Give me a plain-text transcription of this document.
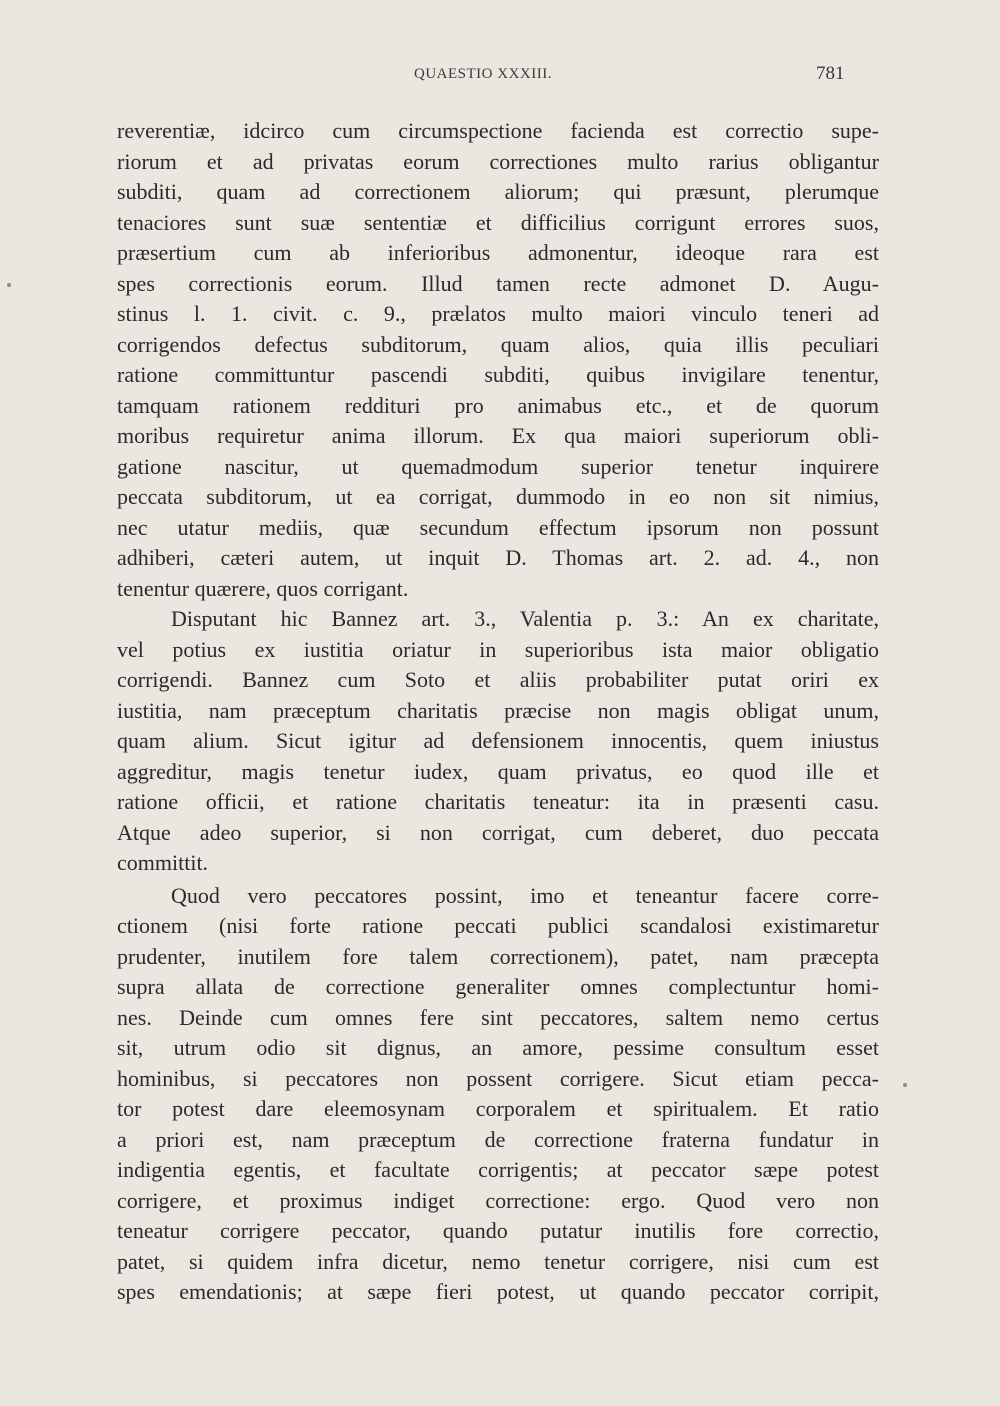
QUAESTIO XXXIII.	781
reverentiæ, idcirco cum circumspectione facienda est correctio supe-
riorum et ad privatas eorum correctiones multo rarius obligantur
subditi, quam ad correctionem aliorum; qui præsunt, plerumque
tenaciores sunt suæ sententiæ et difficilius corrigunt errores suos,
præsertium cum ab inferioribus admonentur, ideoque rara est
spes correctionis eorum. Illud tamen recte admonet D. Augu-
stinus l. 1. civit. c. 9., prælatos multo maiori vinculo teneri ad
corrigendos defectus subditorum, quam alios, quia illis peculiari
ratione committuntur pascendi subditi, quibus invigilare tenentur,
tamquam rationem reddituri pro animabus etc., et de quorum
moribus requiretur anima illorum. Ex qua maiori superiorum obli-
gatione nascitur, ut quemadmodum superior tenetur inquirere
peccata subditorum, ut ea corrigat, dummodo in eo non sit nimius,
nec utatur mediis, quæ secundum effectum ipsorum non possunt
adhiberi, cæteri autem, ut inquit D. Thomas art. 2. ad. 4., non
tenentur quærere, quos corrigant.
Disputant hic Bannez art. 3., Valentia p. 3.: An ex charitate,
vel potius ex iustitia oriatur in superioribus ista maior obligatio
corrigendi. Bannez cum Soto et aliis probabiliter putat oriri ex
iustitia, nam præceptum charitatis præcise non magis obligat unum,
quam alium. Sicut igitur ad defensionem innocentis, quem iniustus
aggreditur, magis tenetur iudex, quam privatus, eo quod ille et
ratione officii, et ratione charitatis teneatur: ita in præsenti casu.
Atque adeo superior, si non corrigat, cum deberet, duo peccata
committit.
Quod vero peccatores possint, imo et teneantur facere corre-
ctionem (nisi forte ratione peccati publici scandalosi existimaretur
prudenter, inutilem fore talem correctionem), patet, nam præcepta
supra allata de correctione generaliter omnes complectuntur homi-
nes. Deinde cum omnes fere sint peccatores, saltem nemo certus
sit, utrum odio sit dignus, an amore, pessime consultum esset
hominibus, si peccatores non possent corrigere. Sicut etiam pecca-
tor potest dare eleemosynam corporalem et spiritualem. Et ratio
a priori est, nam præceptum de correctione fraterna fundatur in
indigentia egentis, et facultate corrigentis; at peccator sæpe potest
corrigere, et proximus indiget correctione: ergo. Quod vero non
teneatur corrigere peccator, quando putatur inutilis fore correctio,
patet, si quidem infra dicetur, nemo tenetur corrigere, nisi cum est
spes emendationis; at sæpe fieri potest, ut quando peccator corripit,
